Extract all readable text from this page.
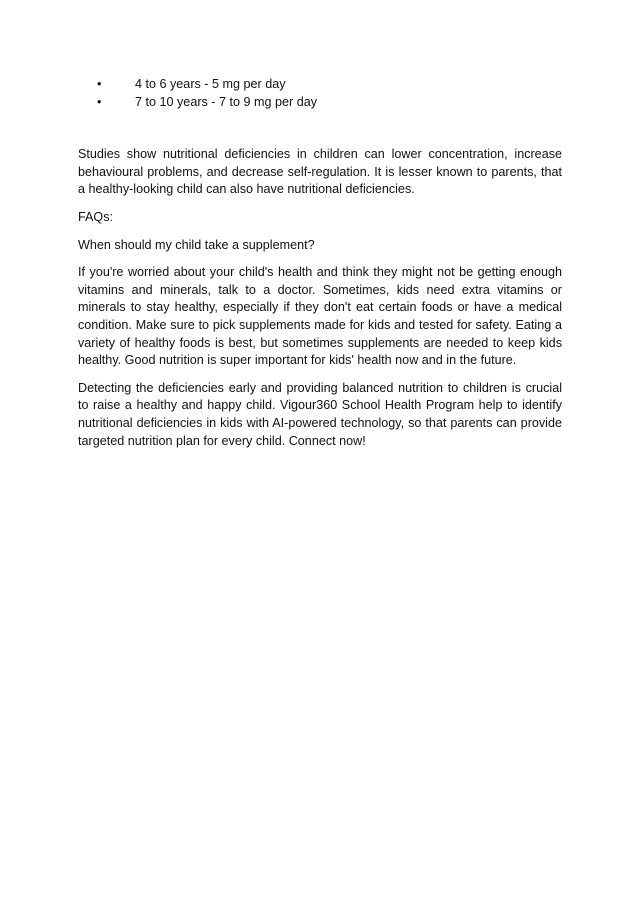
•	4 to 6 years - 5 mg per day
•	7 to 10 years - 7 to 9 mg per day

Studies show nutritional deficiencies in children can lower concentration, increase behavioural problems, and decrease self-regulation. It is lesser known to parents, that a healthy-looking child can also have nutritional deficiencies.

FAQs:

When should my child take a supplement?

If you're worried about your child's health and think they might not be getting enough vitamins and minerals, talk to a doctor. Sometimes, kids need extra vitamins or minerals to stay healthy, especially if they don't eat certain foods or have a medical condition. Make sure to pick supplements made for kids and tested for safety. Eating a variety of healthy foods is best, but sometimes supplements are needed to keep kids healthy. Good nutrition is super important for kids' health now and in the future.

Detecting the deficiencies early and providing balanced nutrition to children is crucial to raise a healthy and happy child. Vigour360 School Health Program help to identify nutritional deficiencies in kids with AI-powered technology, so that parents can provide targeted nutrition plan for every child. Connect now!
